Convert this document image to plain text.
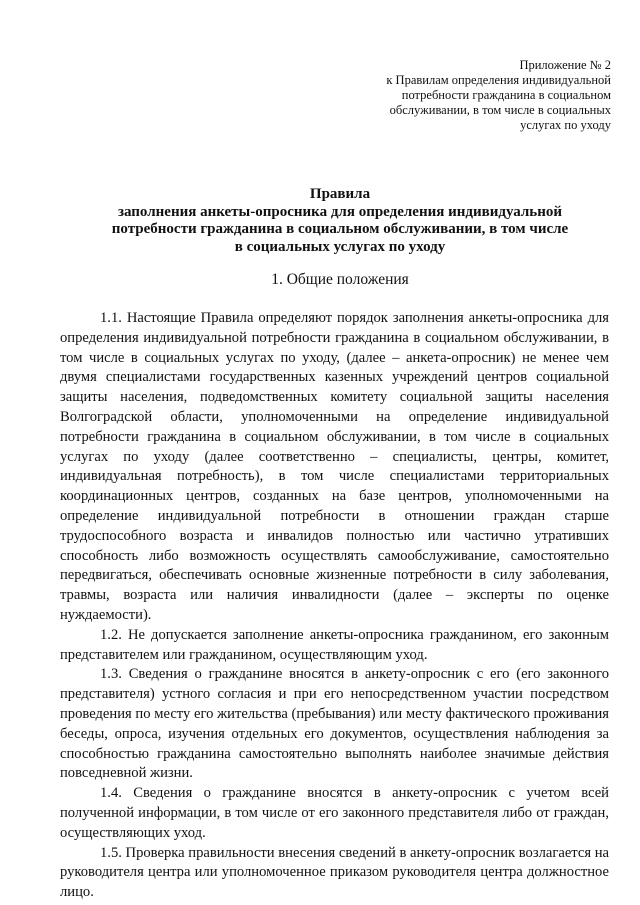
Приложение № 2
к Правилам определения индивидуальной
потребности гражданина в социальном
обслуживании, в том числе в социальных
услугах по уходу
Правила
заполнения анкеты-опросника для определения индивидуальной
потребности гражданина в социальном обслуживании, в том числе
в социальных услугах по уходу
1. Общие положения

1.1. Настоящие Правила определяют порядок заполнения анкеты-опросника для определения индивидуальной потребности гражданина в социальном обслуживании, в том числе в социальных услугах по уходу, (далее – анкета-опросник) не менее чем двумя специалистами государственных казенных учреждений центров социальной защиты населения, подведомственных комитету социальной защиты населения Волгоградской области, уполномоченными на определение индивидуальной потребности гражданина в социальном обслуживании, в том числе в социальных услугах по уходу (далее соответственно – специалисты, центры, комитет, индивидуальная потребность), в том числе специалистами территориальных координационных центров, созданных на базе центров, уполномоченными на определение индивидуальной потребности в отношении граждан старше трудоспособного возраста и инвалидов полностью или частично утративших способность либо возможность осуществлять самообслуживание, самостоятельно передвигаться, обеспечивать основные жизненные потребности в силу заболевания, травмы, возраста или наличия инвалидности (далее – эксперты по оценке нуждаемости).

1.2. Не допускается заполнение анкеты-опросника гражданином, его законным представителем или гражданином, осуществляющим уход.

1.3. Сведения о гражданине вносятся в анкету-опросник с его (его законного представителя) устного согласия и при его непосредственном участии посредством проведения по месту его жительства (пребывания) или месту фактического проживания беседы, опроса, изучения отдельных его документов, осуществления наблюдения за способностью гражданина самостоятельно выполнять наиболее значимые действия повседневной жизни.

1.4. Сведения о гражданине вносятся в анкету-опросник с учетом всей полученной информации, в том числе от его законного представителя либо от граждан, осуществляющих уход.

1.5. Проверка правильности внесения сведений в анкету-опросник возлагается на руководителя центра или уполномоченное приказом руководителя центра должностное лицо.
